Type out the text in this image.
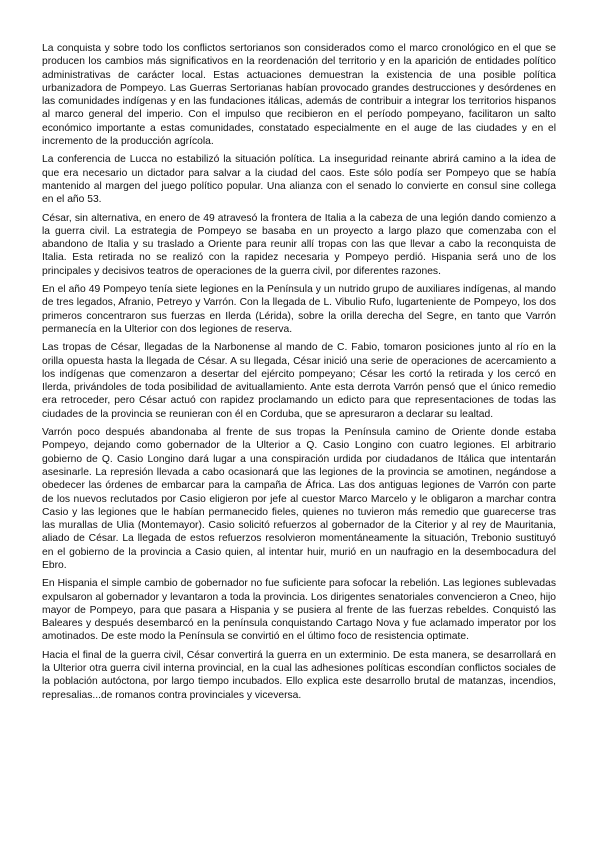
La conquista y sobre todo los conflictos sertorianos son considerados como el marco cronológico en el que se producen los cambios más significativos en la reordenación del territorio y en la aparición de entidades político administrativas de carácter local. Estas actuaciones demuestran la existencia de una posible política urbanizadora de Pompeyo. Las Guerras Sertorianas habían provocado grandes destrucciones y desórdenes en las comunidades indígenas y en las fundaciones itálicas, además de contribuir a integrar los territorios hispanos al marco general del imperio. Con el impulso que recibieron en el período pompeyano, facilitaron un salto económico importante a estas comunidades, constatado especialmente en el auge de las ciudades y en el incremento de la producción agrícola.

La conferencia de Lucca no estabilizó la situación política. La inseguridad reinante abrirá camino a la idea de que era necesario un dictador para salvar a la ciudad del caos. Este sólo podía ser Pompeyo que se había mantenido al margen del juego político popular. Una alianza con el senado lo convierte en consul sine collega en el año 53.

César, sin alternativa, en enero de 49 atravesó la frontera de Italia a la cabeza de una legión dando comienzo a la guerra civil. La estrategia de Pompeyo se basaba en un proyecto a largo plazo que comenzaba con el abandono de Italia y su traslado a Oriente para reunir allí tropas con las que llevar a cabo la reconquista de Italia. Esta retirada no se realizó con la rapidez necesaria y Pompeyo perdió. Hispania será uno de los principales y decisivos teatros de operaciones de la guerra civil, por diferentes razones.

En el año 49 Pompeyo tenía siete legiones en la Península y un nutrido grupo de auxiliares indígenas, al mando de tres legados, Afranio, Petreyo y Varrón. Con la llegada de L. Vibulio Rufo, lugarteniente de Pompeyo, los dos primeros concentraron sus fuerzas en Ilerda (Lérida), sobre la orilla derecha del Segre, en tanto que Varrón permanecía en la Ulterior con dos legiones de reserva.

Las tropas de César, llegadas de la Narbonense al mando de C. Fabio, tomaron posiciones junto al río en la orilla opuesta hasta la llegada de César. A su llegada, César inició una serie de operaciones de acercamiento a los indígenas que comenzaron a desertar del ejército pompeyano; César les cortó la retirada y los cercó en Ilerda, privándoles de toda posibilidad de avituallamiento. Ante esta derrota Varrón pensó que el único remedio era retroceder, pero César actuó con rapidez proclamando un edicto para que representaciones de todas las ciudades de la provincia se reunieran con él en Corduba, que se apresuraron a declarar su lealtad.

Varrón poco después abandonaba al frente de sus tropas la Península camino de Oriente donde estaba Pompeyo, dejando como gobernador de la Ulterior a Q. Casio Longino con cuatro legiones. El arbitrario gobierno de Q. Casio Longino dará lugar a una conspiración urdida por ciudadanos de Itálica que intentarán asesinarle. La represión llevada a cabo ocasionará que las legiones de la provincia se amotinen, negándose a obedecer las órdenes de embarcar para la campaña de África. Las dos antiguas legiones de Varrón con parte de los nuevos reclutados por Casio eligieron por jefe al cuestor Marco Marcelo y le obligaron a marchar contra Casio y las legiones que le habían permanecido fieles, quienes no tuvieron más remedio que guarecerse tras las murallas de Ulia (Montemayor). Casio solicitó refuerzos al gobernador de la Citerior y al rey de Mauritania, aliado de César. La llegada de estos refuerzos resolvieron momentáneamente la situación, Trebonio sustituyó en el gobierno de la provincia a Casio quien, al intentar huir, murió en un naufragio en la desembocadura del Ebro.

En Hispania el simple cambio de gobernador no fue suficiente para sofocar la rebelión. Las legiones sublevadas expulsaron al gobernador y levantaron a toda la provincia. Los dirigentes senatoriales convencieron a Cneo, hijo mayor de Pompeyo, para que pasara a Hispania y se pusiera al frente de las fuerzas rebeldes. Conquistó las Baleares y después desembarcó en la península conquistando Cartago Nova y fue aclamado imperator por los amotinados. De este modo la Península se convirtió en el último foco de resistencia optimate.

Hacia el final de la guerra civil, César convertirá la guerra en un exterminio. De esta manera, se desarrollará en la Ulterior otra guerra civil interna provincial, en la cual las adhesiones políticas escondían conflictos sociales de la población autóctona, por largo tiempo incubados. Ello explica este desarrollo brutal de matanzas, incendios, represalias...de romanos contra provinciales y viceversa.
